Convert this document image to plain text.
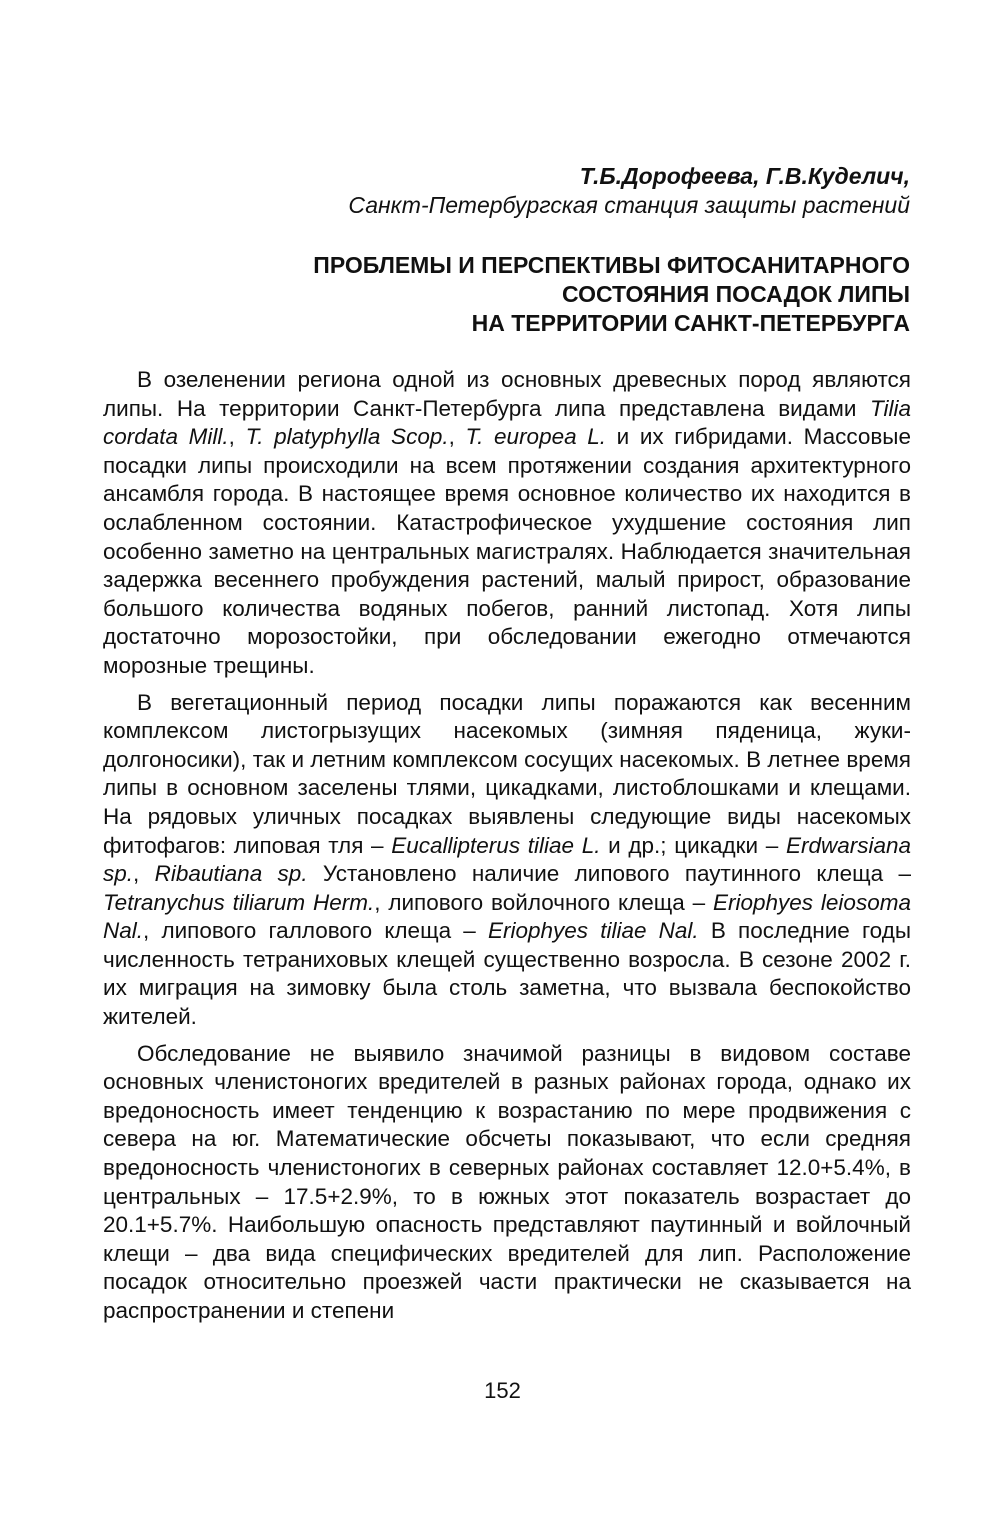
Т.Б.Дорофеева, Г.В.Куделич,
Санкт-Петербургская станция защиты растений
ПРОБЛЕМЫ И ПЕРСПЕКТИВЫ ФИТОСАНИТАРНОГО
СОСТОЯНИЯ ПОСАДОК ЛИПЫ
НА ТЕРРИТОРИИ САНКТ-ПЕТЕРБУРГА

В озеленении региона одной из основных древесных пород являются липы. На территории Санкт-Петербурга липа представлена видами Tilia cordata Mill., T. platyphylla Scop., T. europea L. и их гибридами. Массовые посадки липы происходили на всем протяжении создания архитектурного ансамбля города. В настоящее время основное количество их находится в ослабленном состоянии. Катастрофическое ухудшение состояния лип особенно заметно на центральных магистралях. Наблюдается значительная задержка весеннего пробуждения растений, малый прирост, образование большого количества водяных побегов, ранний листопад. Хотя липы достаточно морозостойки, при обследовании ежегодно отмечаются морозные трещины.

В вегетационный период посадки липы поражаются как весенним комплексом листогрызущих насекомых (зимняя пяденица, жуки-долгоносики), так и летним комплексом сосущих насекомых. В летнее время липы в основном заселены тлями, цикадками, листоблошками и клещами. На рядовых уличных посадках выявлены следующие виды насекомых фитофагов: липовая тля – Eucallipterus tiliae L. и др.; цикадки – Erdwarsiana sp., Ribautiana sp. Установлено наличие липового паутинного клеща – Tetranychus tiliarum Herm., липового войлочного клеща – Eriophyes leiosoma Nal., липового галлового клеща – Eriophyes tiliae Nal. В последние годы численность тетраниховых клещей существенно возросла. В сезоне 2002 г. их миграция на зимовку была столь заметна, что вызвала беспокойство жителей.

Обследование не выявило значимой разницы в видовом составе основных членистоногих вредителей в разных районах города, однако их вредоносность имеет тенденцию к возрастанию по мере продвижения с севера на юг. Математические обсчеты показывают, что если средняя вредоносность членистоногих в северных районах составляет 12.0+5.4%, в центральных – 17.5+2.9%, то в южных этот показатель возрастает до 20.1+5.7%. Наибольшую опасность представляют паутинный и войлочный клещи – два вида специфических вредителей для лип. Расположение посадок относительно проезжей части практически не сказывается на распространении и степени

152
